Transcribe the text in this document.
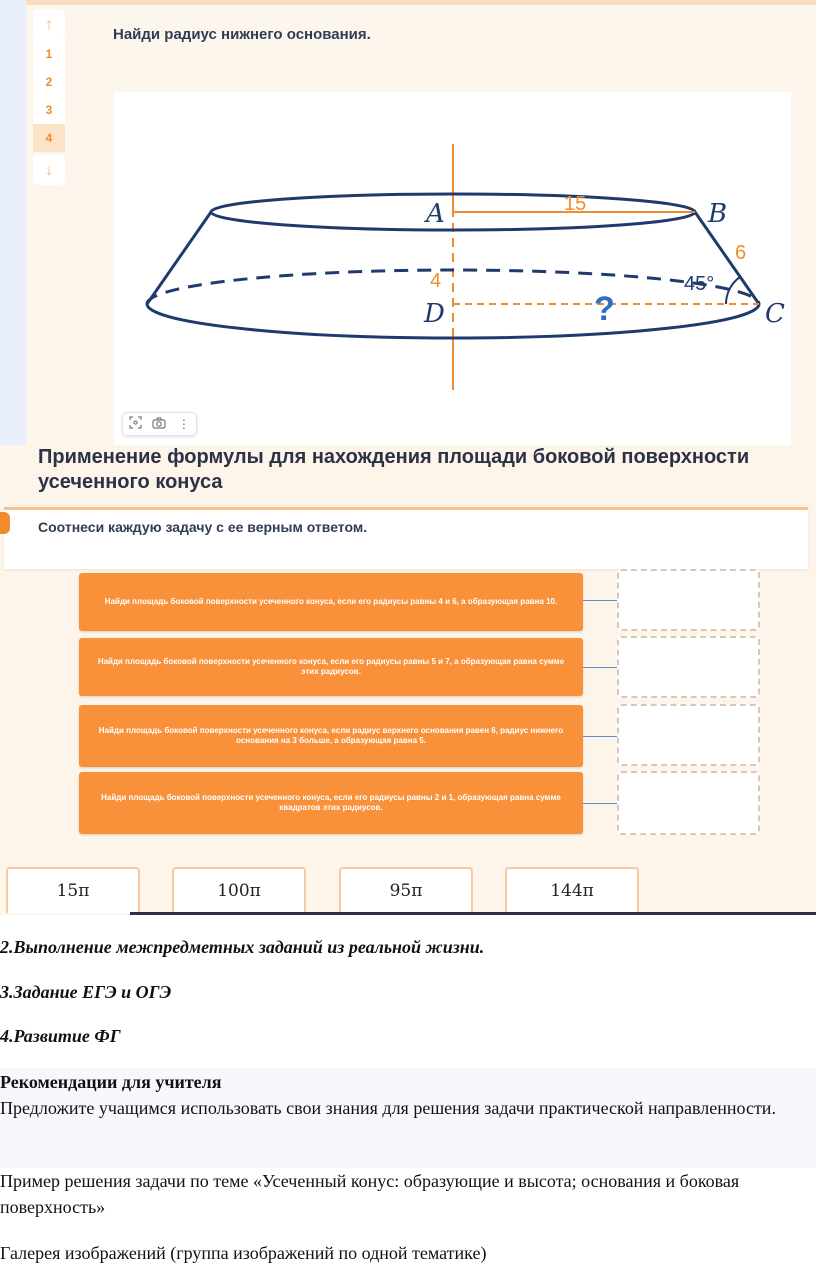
↑
1
2
3
4
↓
Найди радиус нижнего основания.
A	B
C
D
15
6
4	45°
?
⋮
Применение формулы для нахождения площади боковой поверхности усеченного конуса
Соотнеси каждую задачу с ее верным ответом.
Найди площадь боковой поверхности усеченного конуса, если его радиусы равны 4 и 6, а образующая равна 10.
Найди площадь боковой поверхности усеченного конуса, если его радиусы равны 5 и 7, а образующая равна сумме этих радиусов.
Найди площадь боковой поверхности усеченного конуса, если радиус верхнего основания равен 6, радиус нижнего основания на 3 больше, а образующая равна 5.
Найди площадь боковой поверхности усеченного конуса, если его радиусы равны 2 и 1, образующая равна сумме квадратов этих радиусов.
15π	100π	95π	144π
2.Выполнение межпредметных заданий из реальной жизни.
3.Задание ЕГЭ и ОГЭ
4.Развитие ФГ
Рекомендации для учителя
Предложите учащимся использовать свои знания для решения задачи практической направленности.
Пример решения задачи по теме «Усеченный конус: образующие и высота; основания и боковая поверхность»
Галерея изображений (группа изображений по одной тематике)
